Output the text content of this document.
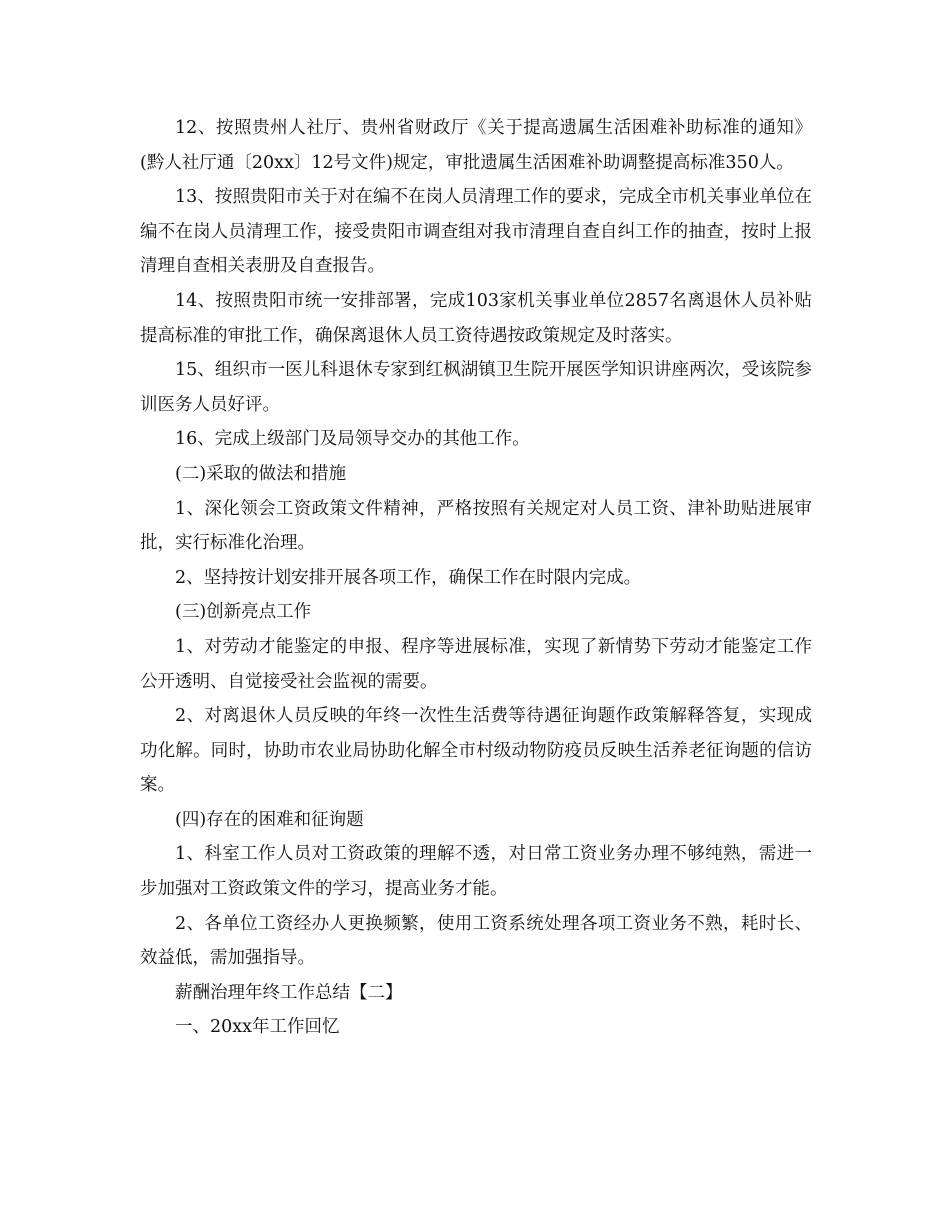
12、按照贵州人社厅、贵州省财政厅《关于提高遗属生活困难补助标准的通知》(黔人社厅通〔20xx〕12号文件)规定，审批遗属生活困难补助调整提高标准350人。

13、按照贵阳市关于对在编不在岗人员清理工作的要求，完成全市机关事业单位在编不在岗人员清理工作，接受贵阳市调查组对我市清理自查自纠工作的抽查，按时上报清理自查相关表册及自查报告。

14、按照贵阳市统一安排部署，完成103家机关事业单位2857名离退休人员补贴提高标准的审批工作，确保离退休人员工资待遇按政策规定及时落实。

15、组织市一医儿科退休专家到红枫湖镇卫生院开展医学知识讲座两次，受该院参训医务人员好评。

16、完成上级部门及局领导交办的其他工作。

(二)采取的做法和措施

1、深化领会工资政策文件精神，严格按照有关规定对人员工资、津补助贴进展审批，实行标准化治理。

2、坚持按计划安排开展各项工作，确保工作在时限内完成。

(三)创新亮点工作

1、对劳动才能鉴定的申报、程序等进展标准，实现了新情势下劳动才能鉴定工作公开透明、自觉接受社会监视的需要。

2、对离退休人员反映的年终一次性生活费等待遇征询题作政策解释答复，实现成功化解。同时，协助市农业局协助化解全市村级动物防疫员反映生活养老征询题的信访案。

(四)存在的困难和征询题

1、科室工作人员对工资政策的理解不透，对日常工资业务办理不够纯熟，需进一步加强对工资政策文件的学习，提高业务才能。

2、各单位工资经办人更换频繁，使用工资系统处理各项工资业务不熟，耗时长、效益低，需加强指导。

薪酬治理年终工作总结【二】

一、20xx年工作回忆
